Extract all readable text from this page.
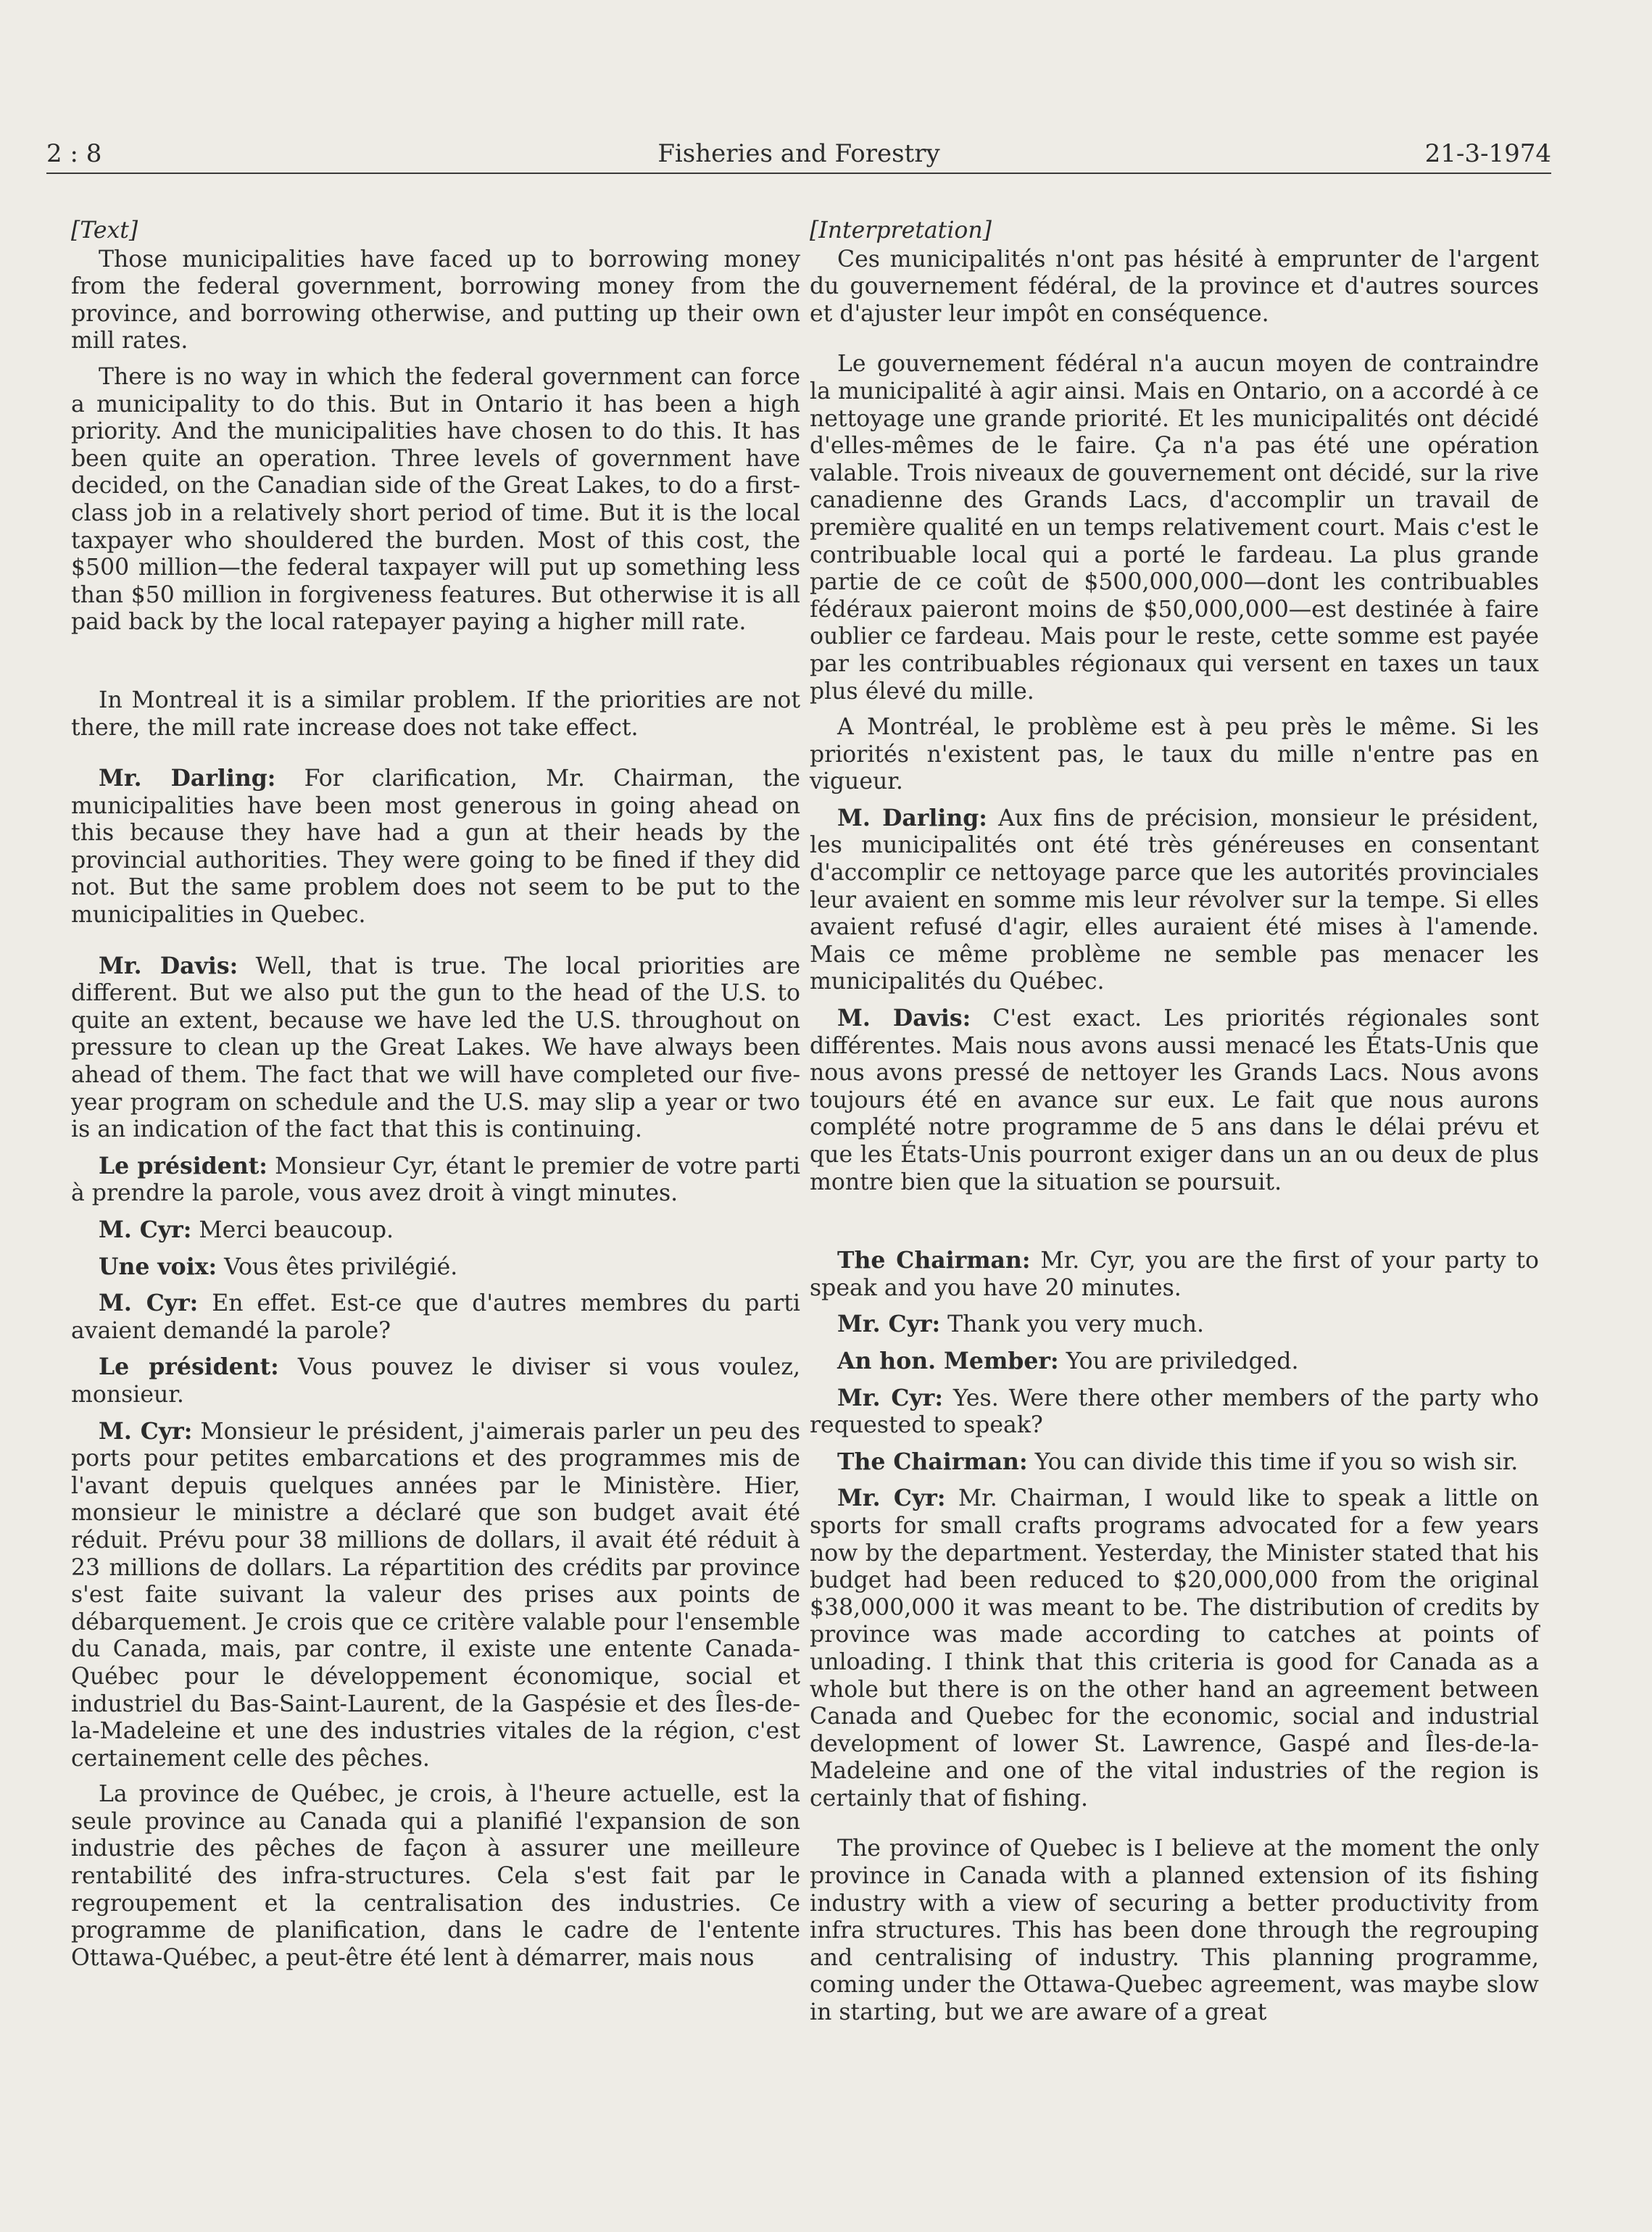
2 : 8	Fisheries and Forestry	21-3-1974

[Text]

Those municipalities have faced up to borrowing money from the federal government, borrowing money from the province, and borrowing otherwise, and putting up their own mill rates.

There is no way in which the federal government can force a municipality to do this. But in Ontario it has been a high priority. And the municipalities have chosen to do this. It has been quite an operation. Three levels of government have decided, on the Canadian side of the Great Lakes, to do a first-class job in a relatively short period of time. But it is the local taxpayer who shouldered the burden. Most of this cost, the $500 million—the federal taxpayer will put up something less than $50 million in forgiveness features. But otherwise it is all paid back by the local ratepayer paying a higher mill rate.

In Montreal it is a similar problem. If the priorities are not there, the mill rate increase does not take effect.

Mr. Darling: For clarification, Mr. Chairman, the municipalities have been most generous in going ahead on this because they have had a gun at their heads by the provincial authorities. They were going to be fined if they did not. But the same problem does not seem to be put to the municipalities in Quebec.

Mr. Davis: Well, that is true. The local priorities are different. But we also put the gun to the head of the U.S. to quite an extent, because we have led the U.S. throughout on pressure to clean up the Great Lakes. We have always been ahead of them. The fact that we will have completed our five-year program on schedule and the U.S. may slip a year or two is an indication of the fact that this is continuing.

Le président: Monsieur Cyr, étant le premier de votre parti à prendre la parole, vous avez droit à vingt minutes.

M. Cyr: Merci beaucoup.

Une voix: Vous êtes privilégié.

M. Cyr: En effet. Est-ce que d'autres membres du parti avaient demandé la parole?

Le président: Vous pouvez le diviser si vous voulez, monsieur.

M. Cyr: Monsieur le président, j'aimerais parler un peu des ports pour petites embarcations et des programmes mis de l'avant depuis quelques années par le Ministère. Hier, monsieur le ministre a déclaré que son budget avait été réduit. Prévu pour 38 millions de dollars, il avait été réduit à 23 millions de dollars. La répartition des crédits par province s'est faite suivant la valeur des prises aux points de débarquement. Je crois que ce critère valable pour l'ensemble du Canada, mais, par contre, il existe une entente Canada-Québec pour le développement économique, social et industriel du Bas-Saint-Laurent, de la Gaspésie et des Îles-de-la-Madeleine et une des industries vitales de la région, c'est certainement celle des pêches.

La province de Québec, je crois, à l'heure actuelle, est la seule province au Canada qui a planifié l'expansion de son industrie des pêches de façon à assurer une meilleure rentabilité des infra-structures. Cela s'est fait par le regroupement et la centralisation des industries. Ce programme de planification, dans le cadre de l'entente Ottawa-Québec, a peut-être été lent à démarrer, mais nous

[Interpretation]

Ces municipalités n'ont pas hésité à emprunter de l'argent du gouvernement fédéral, de la province et d'autres sources et d'ajuster leur impôt en conséquence.

Le gouvernement fédéral n'a aucun moyen de contraindre la municipalité à agir ainsi. Mais en Ontario, on a accordé à ce nettoyage une grande priorité. Et les municipalités ont décidé d'elles-mêmes de le faire. Ça n'a pas été une opération valable. Trois niveaux de gouvernement ont décidé, sur la rive canadienne des Grands Lacs, d'accomplir un travail de première qualité en un temps relativement court. Mais c'est le contribuable local qui a porté le fardeau. La plus grande partie de ce coût de $500,000,000—dont les contribuables fédéraux paieront moins de $50,000,000—est destinée à faire oublier ce fardeau. Mais pour le reste, cette somme est payée par les contribuables régionaux qui versent en taxes un taux plus élevé du mille.

A Montréal, le problème est à peu près le même. Si les priorités n'existent pas, le taux du mille n'entre pas en vigueur.

M. Darling: Aux fins de précision, monsieur le président, les municipalités ont été très généreuses en consentant d'accomplir ce nettoyage parce que les autorités provinciales leur avaient en somme mis leur révolver sur la tempe. Si elles avaient refusé d'agir, elles auraient été mises à l'amende. Mais ce même problème ne semble pas menacer les municipalités du Québec.

M. Davis: C'est exact. Les priorités régionales sont différentes. Mais nous avons aussi menacé les États-Unis que nous avons pressé de nettoyer les Grands Lacs. Nous avons toujours été en avance sur eux. Le fait que nous aurons complété notre programme de 5 ans dans le délai prévu et que les États-Unis pourront exiger dans un an ou deux de plus montre bien que la situation se poursuit.

The Chairman: Mr. Cyr, you are the first of your party to speak and you have 20 minutes.

Mr. Cyr: Thank you very much.

An hon. Member: You are priviledged.

Mr. Cyr: Yes. Were there other members of the party who requested to speak?

The Chairman: You can divide this time if you so wish sir.

Mr. Cyr: Mr. Chairman, I would like to speak a little on sports for small crafts programs advocated for a few years now by the department. Yesterday, the Minister stated that his budget had been reduced to $20,000,000 from the original $38,000,000 it was meant to be. The distribution of credits by province was made according to catches at points of unloading. I think that this criteria is good for Canada as a whole but there is on the other hand an agreement between Canada and Quebec for the economic, social and industrial development of lower St. Lawrence, Gaspé and Îles-de-la-Madeleine and one of the vital industries of the region is certainly that of fishing.

The province of Quebec is I believe at the moment the only province in Canada with a planned extension of its fishing industry with a view of securing a better productivity from infra structures. This has been done through the regrouping and centralising of industry. This planning programme, coming under the Ottawa-Quebec agreement, was maybe slow in starting, but we are aware of a great
